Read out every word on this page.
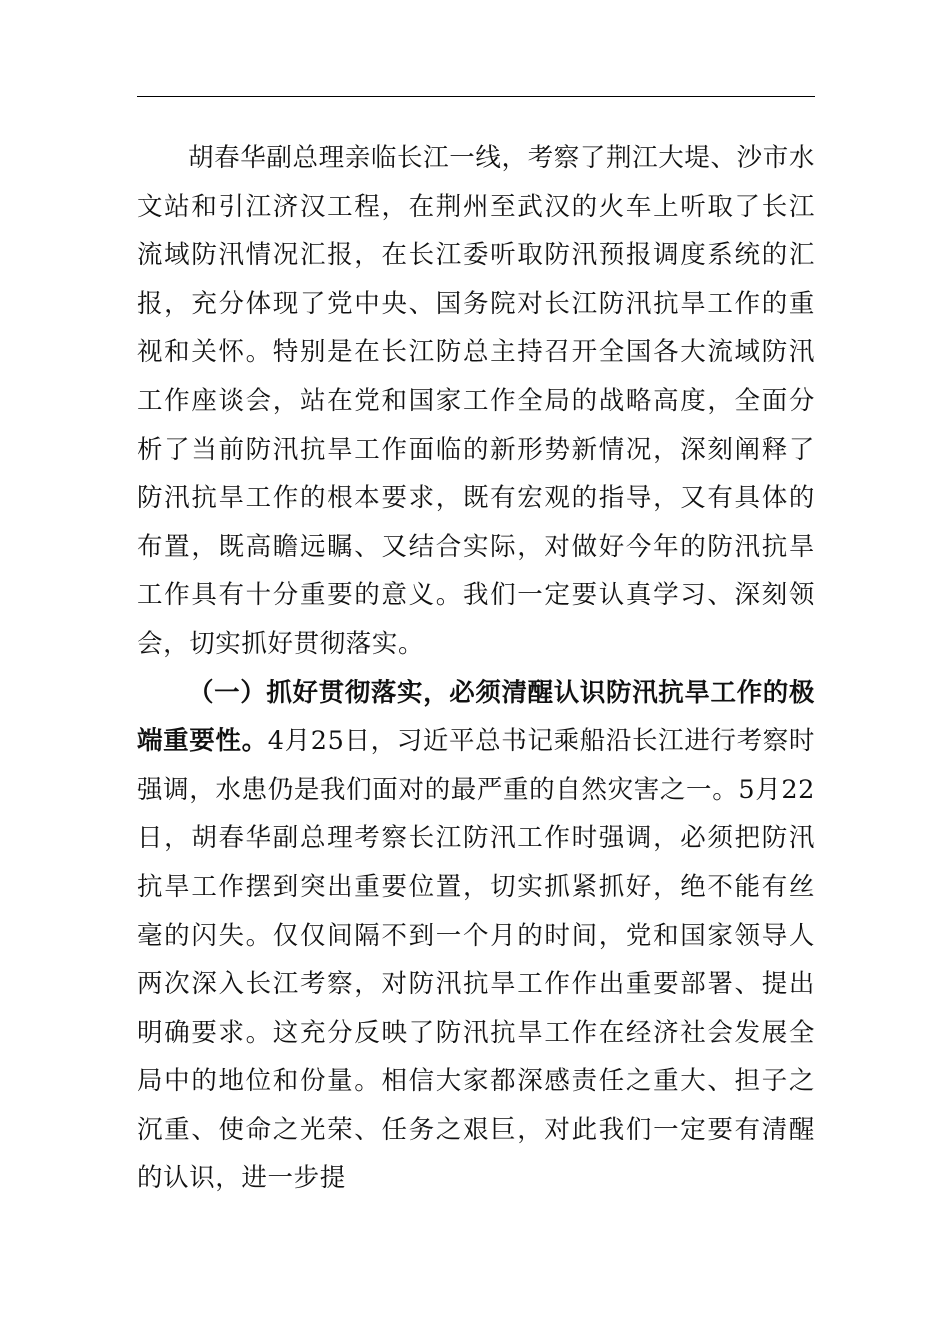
胡春华副总理亲临长江一线，考察了荆江大堤、沙市水文站和引江济汉工程，在荆州至武汉的火车上听取了长江流域防汛情况汇报，在长江委听取防汛预报调度系统的汇报，充分体现了党中央、国务院对长江防汛抗旱工作的重视和关怀。特别是在长江防总主持召开全国各大流域防汛工作座谈会，站在党和国家工作全局的战略高度，全面分析了当前防汛抗旱工作面临的新形势新情况，深刻阐释了防汛抗旱工作的根本要求，既有宏观的指导，又有具体的布置，既高瞻远瞩、又结合实际，对做好今年的防汛抗旱工作具有十分重要的意义。我们一定要认真学习、深刻领会，切实抓好贯彻落实。

（一）抓好贯彻落实，必须清醒认识防汛抗旱工作的极端重要性。4月25日，习近平总书记乘船沿长江进行考察时强调，水患仍是我们面对的最严重的自然灾害之一。5月22日，胡春华副总理考察长江防汛工作时强调，必须把防汛抗旱工作摆到突出重要位置，切实抓紧抓好，绝不能有丝毫的闪失。仅仅间隔不到一个月的时间，党和国家领导人两次深入长江考察，对防汛抗旱工作作出重要部署、提出明确要求。这充分反映了防汛抗旱工作在经济社会发展全局中的地位和份量。相信大家都深感责任之重大、担子之沉重、使命之光荣、任务之艰巨，对此我们一定要有清醒的认识，进一步提
